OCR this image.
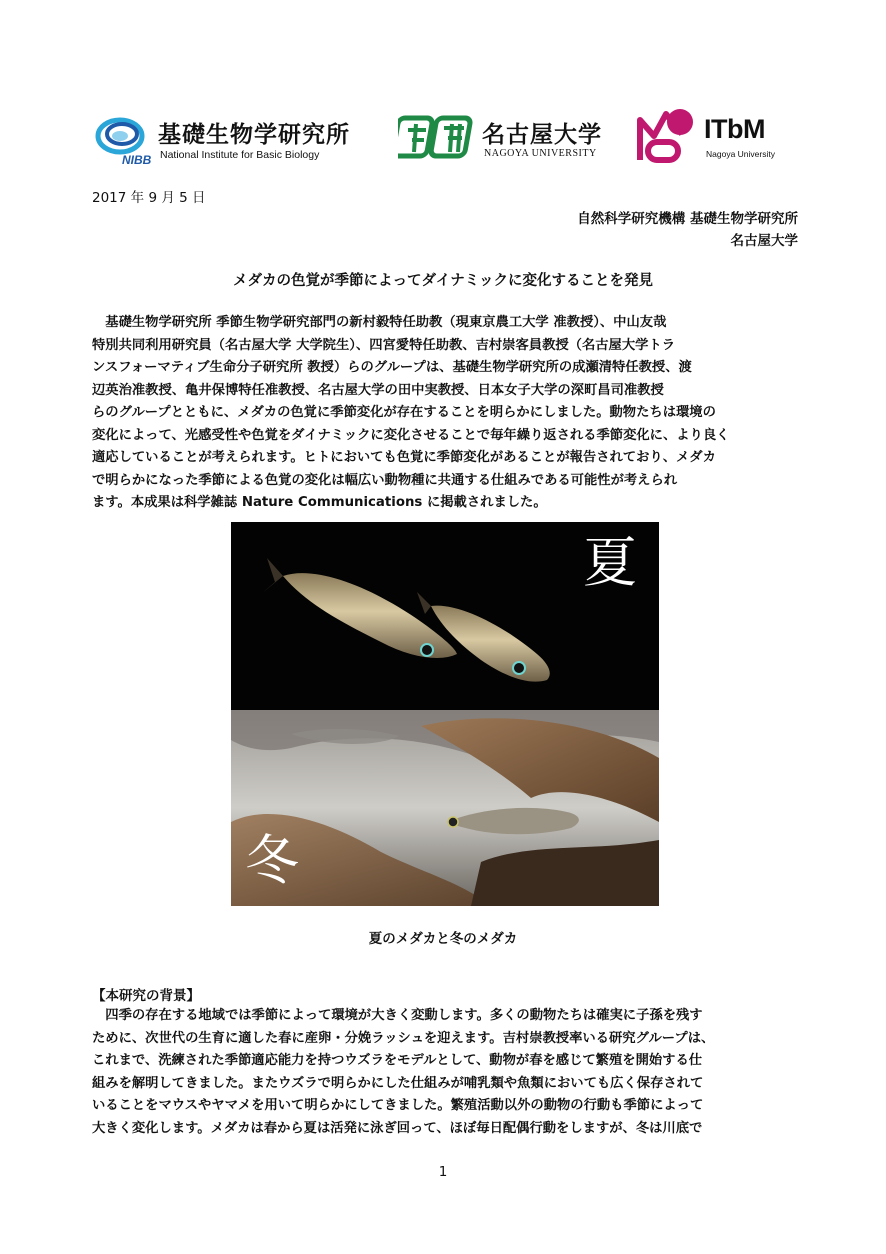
NIBB
基礎生物学研究所
National Institute for Basic Biology
名古屋大学
NAGOYA UNIVERSITY
ITbM
Nagoya University
2017 年 9 月 5 日
自然科学研究機構 基礎生物学研究所
名古屋大学
メダカの色覚が季節によってダイナミックに変化することを発見
　基礎生物学研究所 季節生物学研究部門の新村毅特任助教（現東京農工大学 准教授）、中山友哉
特別共同利用研究員（名古屋大学 大学院生）、四宮愛特任助教、吉村崇客員教授（名古屋大学トラ
ンスフォーマティブ生命分子研究所 教授）らのグループは、基礎生物学研究所の成瀬清特任教授、渡
辺英治准教授、亀井保博特任准教授、名古屋大学の田中実教授、日本女子大学の深町昌司准教授
らのグループとともに、メダカの色覚に季節変化が存在することを明らかにしました。動物たちは環境の
変化によって、光感受性や色覚をダイナミックに変化させることで毎年繰り返される季節変化に、より良く
適応していることが考えられます。ヒトにおいても色覚に季節変化があることが報告されており、メダカ
で明らかになった季節による色覚の変化は幅広い動物種に共通する仕組みである可能性が考えられ
ます。本成果は科学雑誌 Nature Communications に掲載されました。
夏
冬
夏のメダカと冬のメダカ
【本研究の背景】
　四季の存在する地域では季節によって環境が大きく変動します。多くの動物たちは確実に子孫を残す
ために、次世代の生育に適した春に産卵・分娩ラッシュを迎えます。吉村崇教授率いる研究グループは、
これまで、洗練された季節適応能力を持つウズラをモデルとして、動物が春を感じて繁殖を開始する仕
組みを解明してきました。またウズラで明らかにした仕組みが哺乳類や魚類においても広く保存されて
いることをマウスやヤマメを用いて明らかにしてきました。繁殖活動以外の動物の行動も季節によって
大きく変化します。メダカは春から夏は活発に泳ぎ回って、ほぼ毎日配偶行動をしますが、冬は川底で
1
